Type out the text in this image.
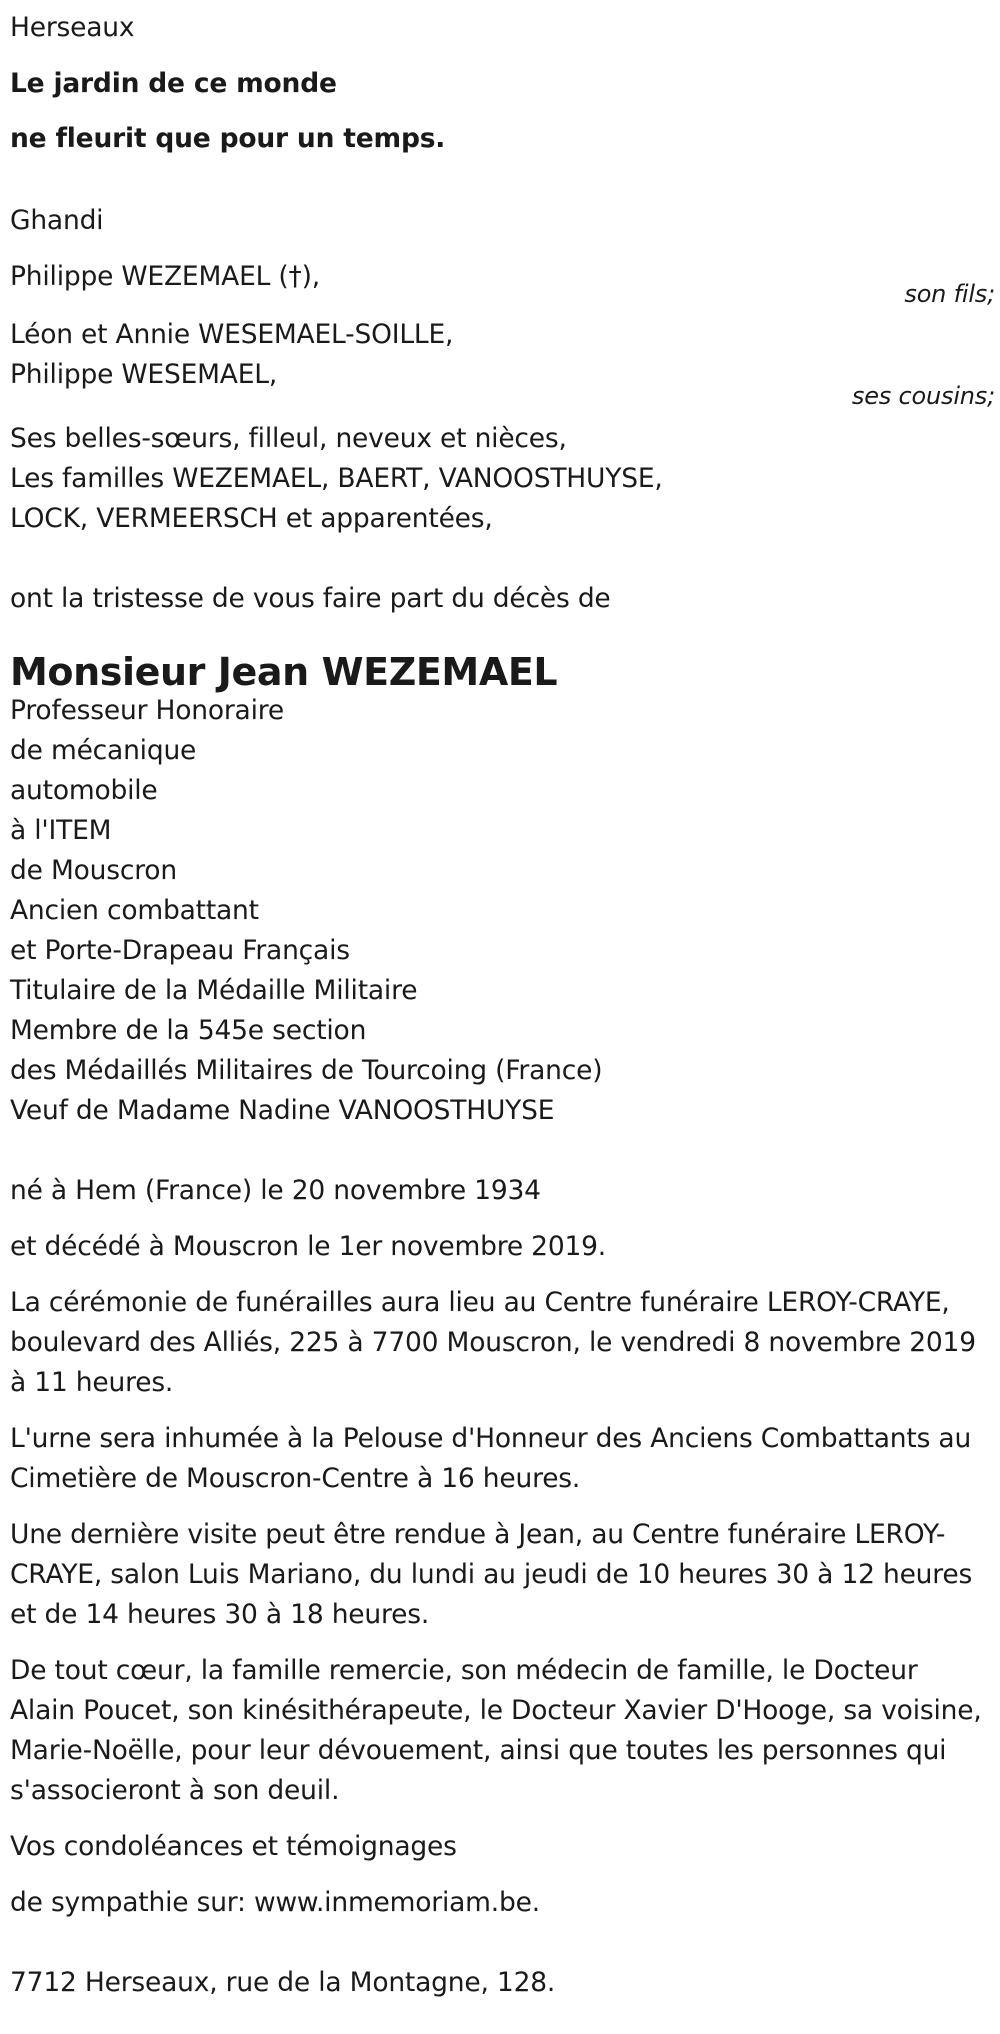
Herseaux
Le jardin de ce monde
ne fleurit que pour un temps.
Ghandi
Philippe WEZEMAEL (†),
son fils;
Léon et Annie WESEMAEL-SOILLE,
Philippe WESEMAEL,
ses cousins;
Ses belles-sœurs, filleul, neveux et nièces,
Les familles WEZEMAEL, BAERT, VANOOSTHUYSE,
LOCK, VERMEERSCH et apparentées,
ont la tristesse de vous faire part du décès de
Monsieur Jean WEZEMAEL
Professeur Honoraire
de mécanique
automobile
à l'ITEM
de Mouscron
Ancien combattant
et Porte-Drapeau Français
Titulaire de la Médaille Militaire
Membre de la 545e section
des Médaillés Militaires de Tourcoing (France)
Veuf de Madame Nadine VANOOSTHUYSE
né à Hem (France) le 20 novembre 1934
et décédé à Mouscron le 1er novembre 2019.
La cérémonie de funérailles aura lieu au Centre funéraire LEROY-CRAYE,
boulevard des Alliés, 225 à 7700 Mouscron, le vendredi 8 novembre 2019
à 11 heures.
L'urne sera inhumée à la Pelouse d'Honneur des Anciens Combattants au
Cimetière de Mouscron-Centre à 16 heures.
Une dernière visite peut être rendue à Jean, au Centre funéraire LEROY-
CRAYE, salon Luis Mariano, du lundi au jeudi de 10 heures 30 à 12 heures
et de 14 heures 30 à 18 heures.
De tout cœur, la famille remercie, son médecin de famille, le Docteur
Alain Poucet, son kinésithérapeute, le Docteur Xavier D'Hooge, sa voisine,
Marie-Noëlle, pour leur dévouement, ainsi que toutes les personnes qui
s'associeront à son deuil.
Vos condoléances et témoignages
de sympathie sur: www.inmemoriam.be.
7712 Herseaux, rue de la Montagne, 128.
